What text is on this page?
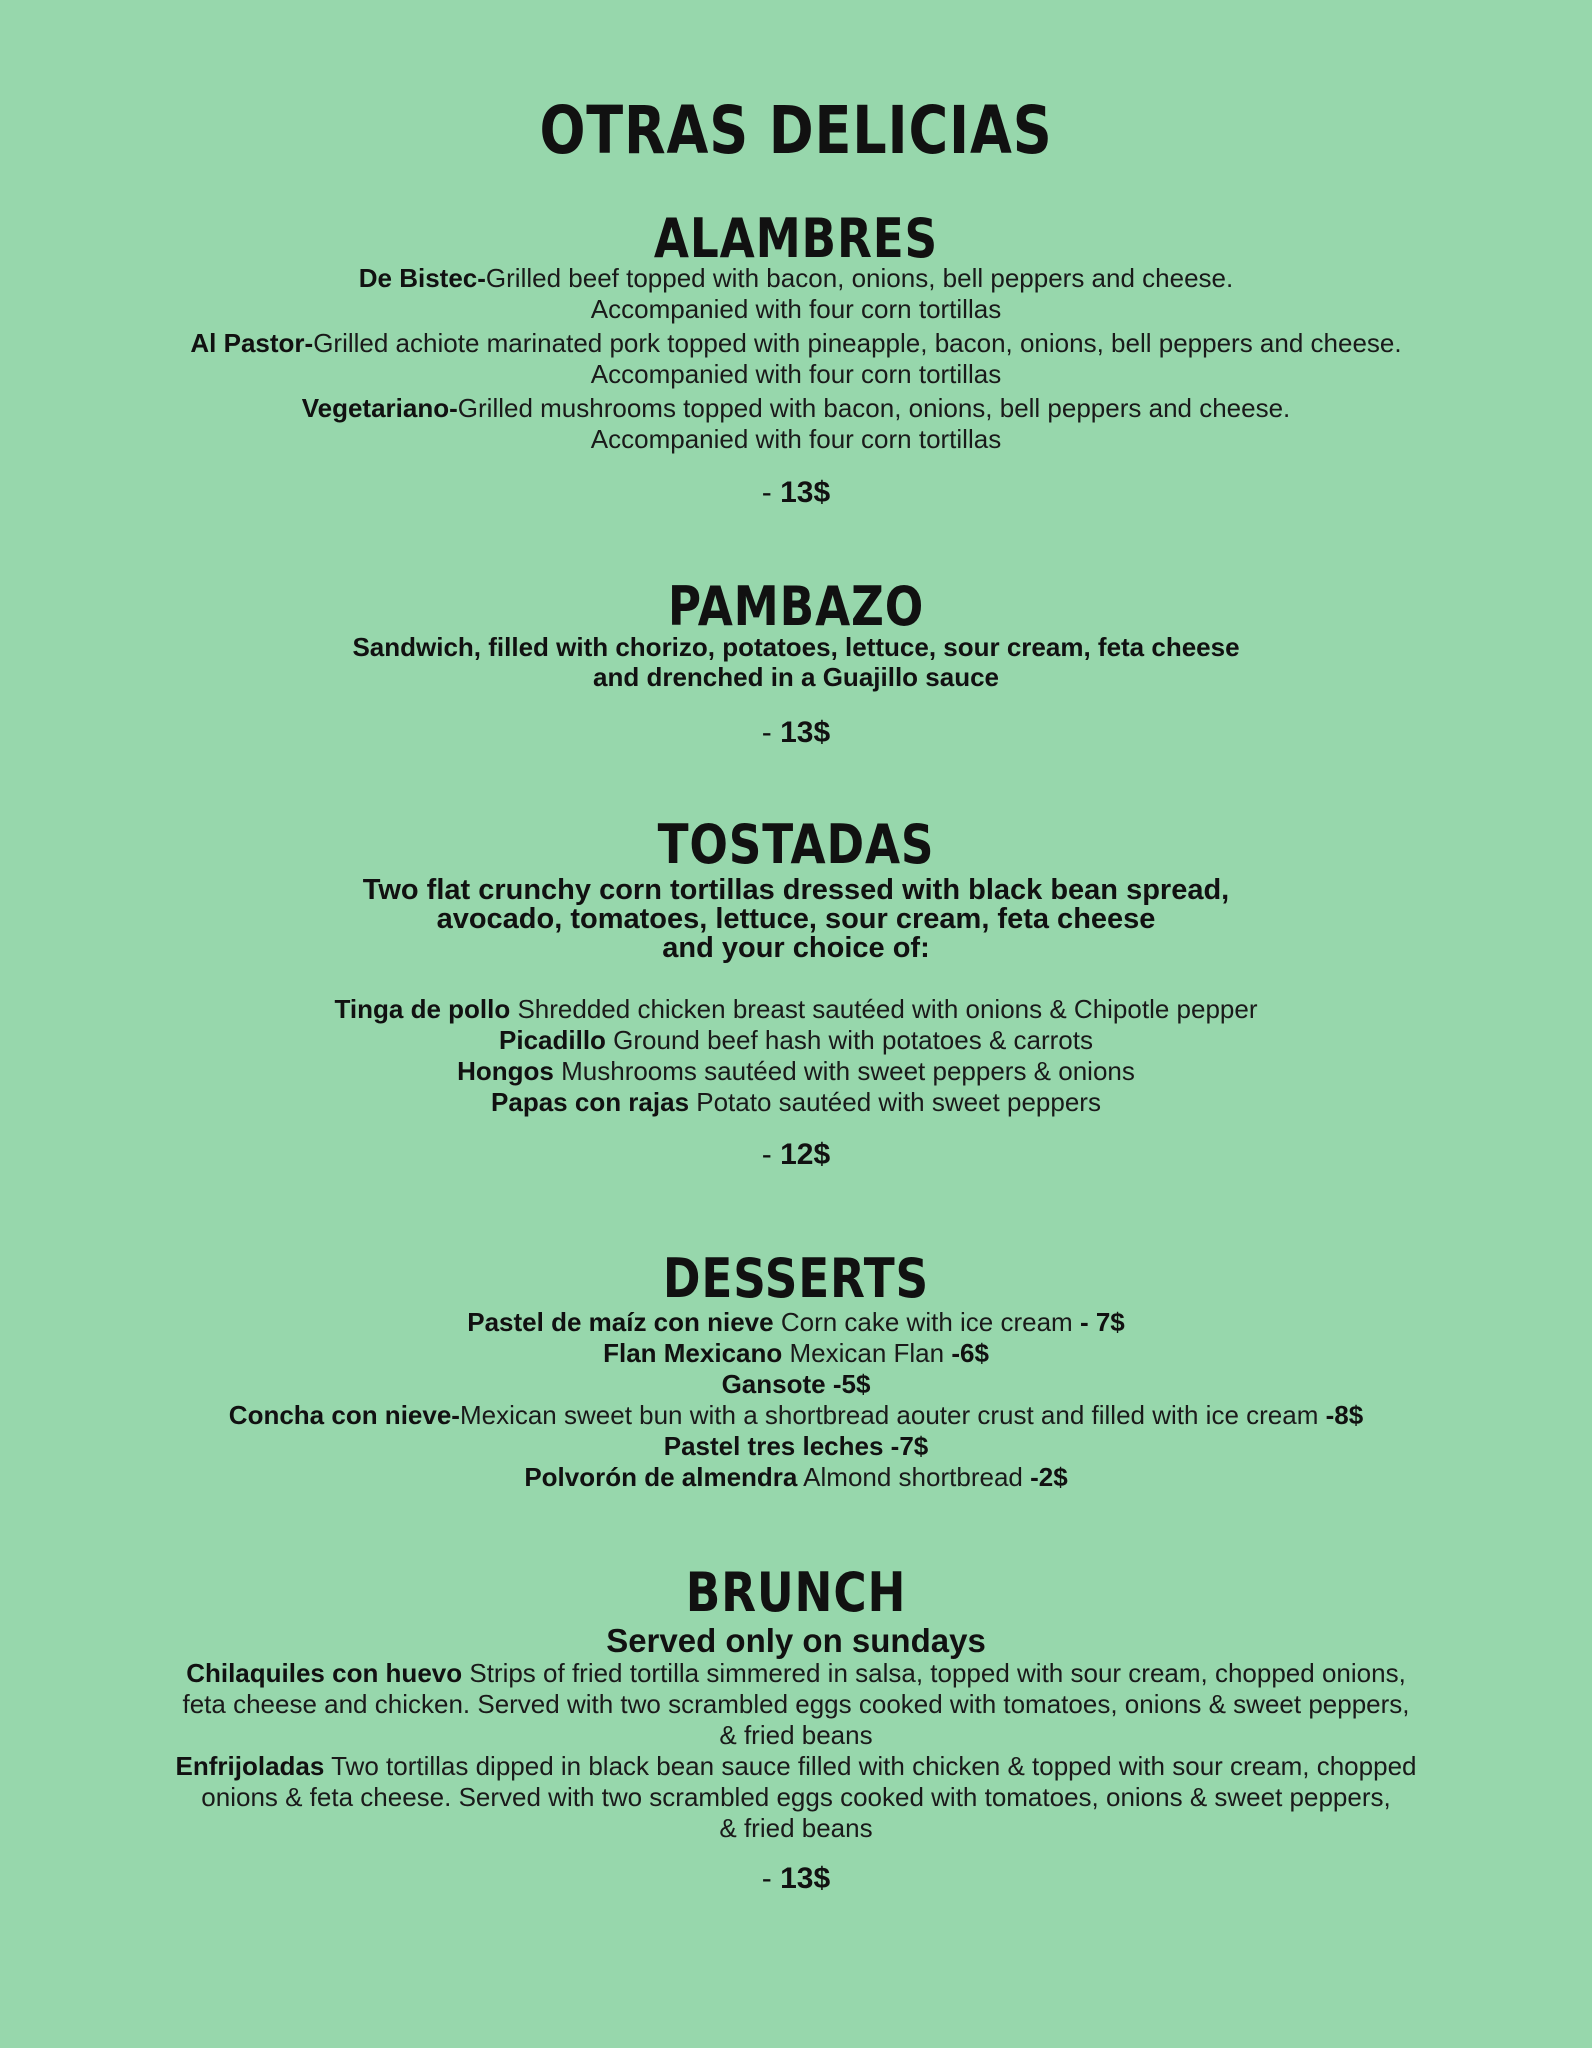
OTRAS DELICIAS
ALAMBRES

De Bistec-Grilled beef topped with bacon, onions, bell peppers and cheese.

Accompanied with four corn tortillas

Al Pastor-Grilled achiote marinated pork topped with pineapple, bacon, onions, bell peppers and cheese.

Accompanied with four corn tortillas

Vegetariano-Grilled mushrooms topped with bacon, onions, bell peppers and cheese.

Accompanied with four corn tortillas

- 13$

PAMBAZO

Sandwich, filled with chorizo, potatoes, lettuce, sour cream, feta cheese

and drenched in a Guajillo sauce

- 13$

TOSTADAS

Two flat crunchy corn tortillas dressed with black bean spread,

avocado, tomatoes, lettuce, sour cream, feta cheese

and your choice of:

Tinga de pollo Shredded chicken breast sautéed with onions & Chipotle pepper

Picadillo Ground beef hash with potatoes & carrots

Hongos Mushrooms sautéed with sweet peppers & onions

Papas con rajas Potato sautéed with sweet peppers

- 12$

DESSERTS

Pastel de maíz con nieve Corn cake with ice cream - 7$

Flan Mexicano Mexican Flan -6$

Gansote -5$

Concha con nieve-Mexican sweet bun with a shortbread aouter crust and filled with ice cream -8$

Pastel tres leches -7$

Polvorón de almendra Almond shortbread -2$

BRUNCH

Served only on sundays

Chilaquiles con huevo Strips of fried tortilla simmered in salsa, topped with sour cream, chopped onions,

feta cheese and chicken. Served with two scrambled eggs cooked with tomatoes, onions & sweet peppers,

& fried beans

Enfrijoladas Two tortillas dipped in black bean sauce filled with chicken & topped with sour cream, chopped

onions & feta cheese. Served with two scrambled eggs cooked with tomatoes, onions & sweet peppers,

& fried beans

- 13$
